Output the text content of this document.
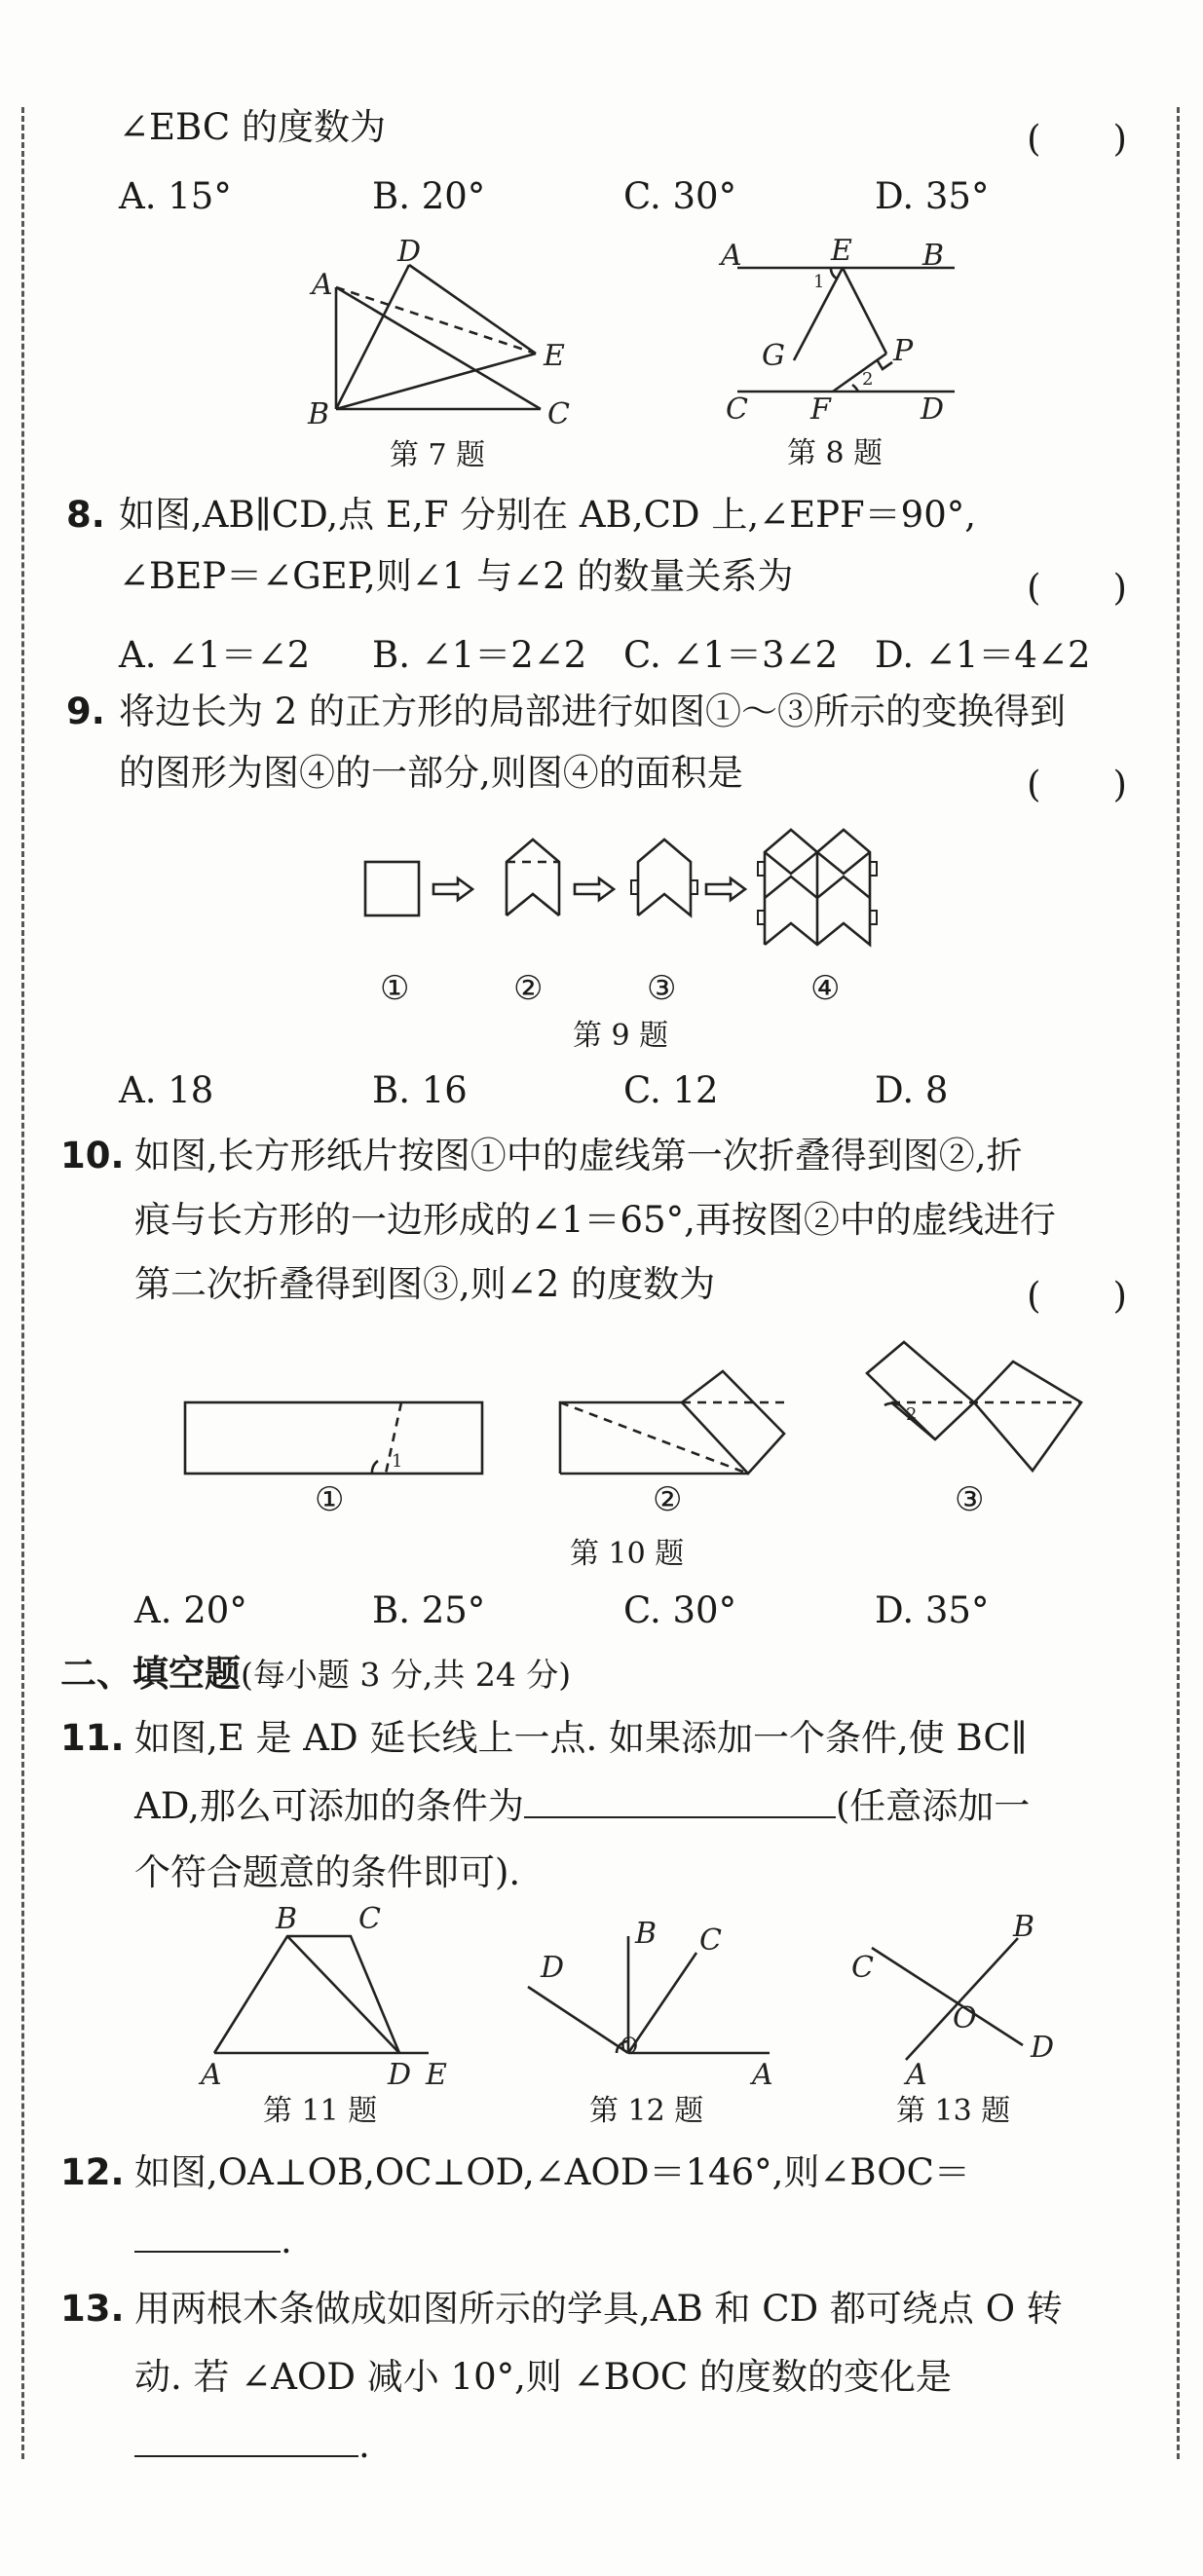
∠EBC 的度数为	(　　)
A. 15°	B. 20°	C. 30°	D. 35°
A
D
E
B	C
第 7 题
A	E B
G	P
C F	D
1
2
第 8 题
8. 如图,AB∥CD,点 E,F 分别在 AB,CD 上,∠EPF＝90°,
∠BEP＝∠GEP,则∠1 与∠2 的数量关系为	(　　)
A. ∠1＝∠2 B. ∠1＝2∠2 C. ∠1＝3∠2 D. ∠1＝4∠2
9. 将边长为 2 的正方形的局部进行如图①～③所示的变换得到
的图形为图④的一部分,则图④的面积是	(　　)
①	②	③	④
第 9 题
A. 18	B. 16	C. 12	D. 8
10. 如图,长方形纸片按图①中的虚线第一次折叠得到图②,折
痕与长方形的一边形成的∠1＝65°,再按图②中的虚线进行
第二次折叠得到图③,则∠2 的度数为	(　　)
1
2
①	②	③
第 10 题
A. 20°	B. 25°	C. 30°	D. 35°
二、填空题(每小题 3 分,共 24 分)
11. 如图,E 是 AD 延长线上一点. 如果添加一个条件,使 BC∥
AD,那么可添加的条件为	(任意添加一
个符合题意的条件即可).
B C
A	D E
第 11 题
D
B C
O
A
第 12 题
C
B
O
A
D
第 13 题
12. 如图,OA⊥OB,OC⊥OD,∠AOD＝146°,则∠BOC＝
.
13. 用两根木条做成如图所示的学具,AB 和 CD 都可绕点 O 转
动. 若 ∠AOD 减小 10°,则 ∠BOC 的度数的变化是
.
